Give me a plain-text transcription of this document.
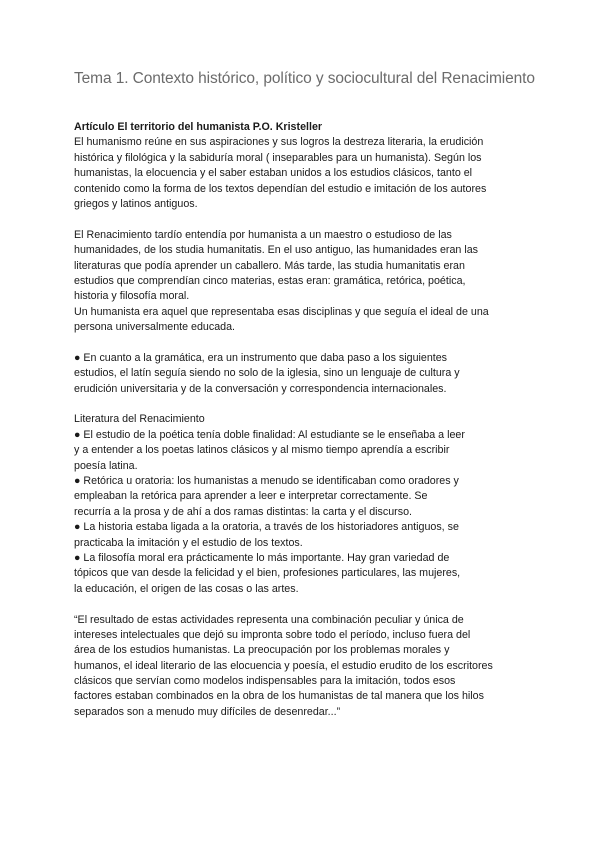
Tema 1. Contexto histórico, político y sociocultural del Renacimiento
Artículo El territorio del humanista P.O. Kristeller
El humanismo reúne en sus aspiraciones y sus logros la destreza literaria, la erudición
histórica y filológica y la sabiduría moral ( inseparables para un humanista). Según los
humanistas, la elocuencia y el saber estaban unidos a los estudios clásicos, tanto el
contenido como la forma de los textos dependían del estudio e imitación de los autores
griegos y latinos antiguos.
El Renacimiento tardío entendía por humanista a un maestro o estudioso de las
humanidades, de los studia humanitatis. En el uso antiguo, las humanidades eran las
literaturas que podía aprender un caballero. Más tarde, las studia humanitatis eran
estudios que comprendían cinco materias, estas eran: gramática, retórica, poética,
historia y filosofía moral.
Un humanista era aquel que representaba esas disciplinas y que seguía el ideal de una
persona universalmente educada.
● En cuanto a la gramática, era un instrumento que daba paso a los siguientes
estudios, el latín seguía siendo no solo de la iglesia, sino un lenguaje de cultura y
erudición universitaria y de la conversación y correspondencia internacionales.
Literatura del Renacimiento
● El estudio de la poética tenía doble finalidad: Al estudiante se le enseñaba a leer
y a entender a los poetas latinos clásicos y al mismo tiempo aprendía a escribir
poesía latina.
● Retórica u oratoria: los humanistas a menudo se identificaban como oradores y
empleaban la retórica para aprender a leer e interpretar correctamente. Se
recurría a la prosa y de ahí a dos ramas distintas: la carta y el discurso.
● La historia estaba ligada a la oratoria, a través de los historiadores antiguos, se
practicaba la imitación y el estudio de los textos.
● La filosofía moral era prácticamente lo más importante. Hay gran variedad de
tópicos que van desde la felicidad y el bien, profesiones particulares, las mujeres,
la educación, el origen de las cosas o las artes.
“El resultado de estas actividades representa una combinación peculiar y única de
intereses intelectuales que dejó su impronta sobre todo el período, incluso fuera del
área de los estudios humanistas. La preocupación por los problemas morales y
humanos, el ideal literario de las elocuencia y poesía, el estudio erudito de los escritores
clásicos que servían como modelos indispensables para la imitación, todos esos
factores estaban combinados en la obra de los humanistas de tal manera que los hilos
separados son a menudo muy difíciles de desenredar...”
